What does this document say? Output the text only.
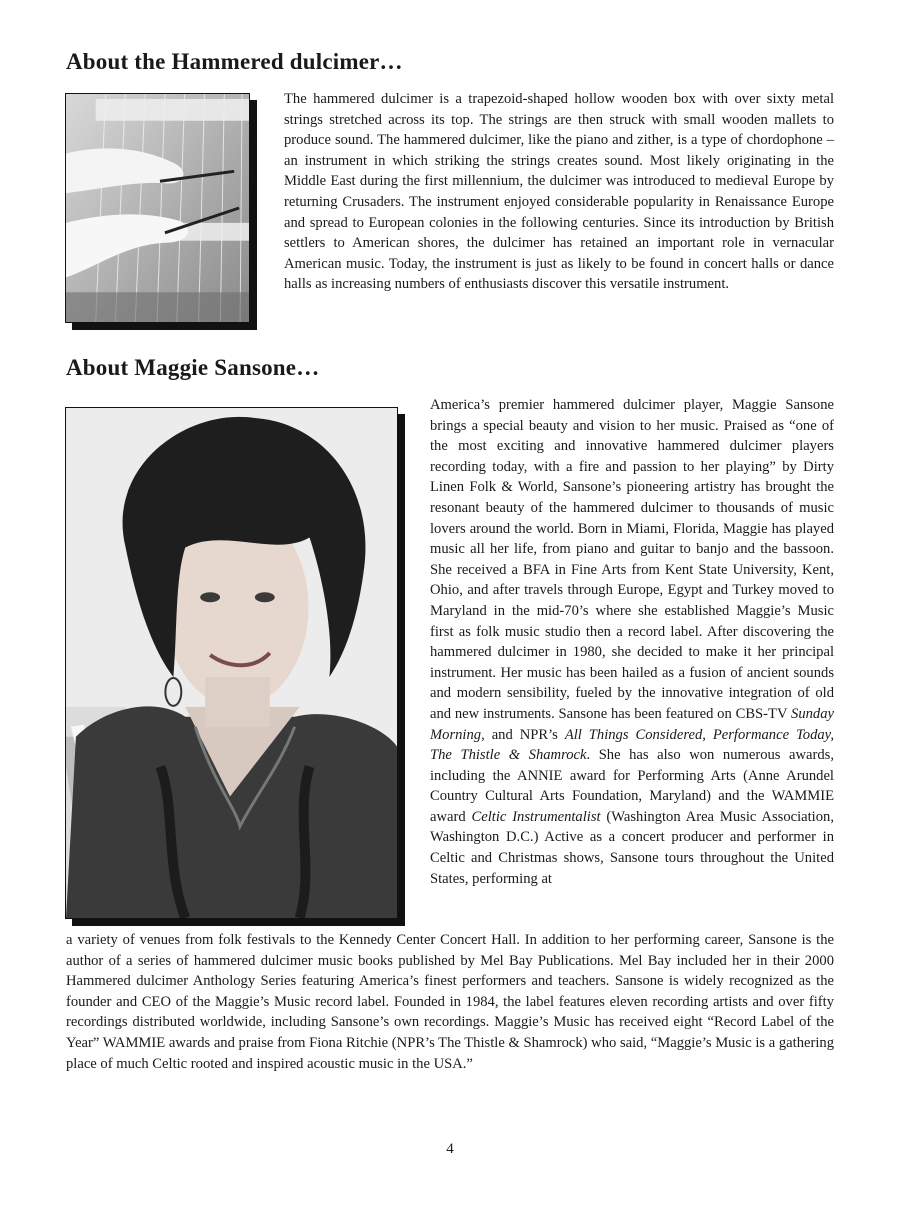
About the Hammered dulcimer…

The hammered dulcimer is a trapezoid-shaped hollow wooden box with over sixty metal strings stretched across its top. The strings are then struck with small wooden mallets to produce sound. The hammered dulcimer, like the piano and zither, is a type of chordophone – an instrument in which striking the strings creates sound. Most likely originating in the Middle East during the first millennium, the dulcimer was introduced to medieval Europe by returning Crusaders. The instrument enjoyed considerable popularity in Renaissance Europe and spread to European colonies in the following centuries. Since its introduction by British settlers to American shores, the dulcimer has retained an important role in vernacular American music. Today, the instrument is just as likely to be found in concert halls or dance halls as increasing numbers of enthusiasts discover this versatile instrument.

About Maggie Sansone…

America’s premier hammered dulcimer player, Maggie Sansone brings a special beauty and vision to her music. Praised as “one of the most exciting and innovative hammered dulcimer players recording today, with a fire and passion to her playing” by Dirty Linen Folk & World, Sansone’s pioneering artistry has brought the resonant beauty of the hammered dulcimer to thousands of music lovers around the world. Born in Miami, Florida, Maggie has played music all her life, from piano and guitar to banjo and the bassoon. She received a BFA in Fine Arts from Kent State University, Kent, Ohio, and after travels through Europe, Egypt and Turkey moved to Maryland in the mid-70’s where she established Maggie’s Music first as folk music studio then a record label. After discovering the hammered dulcimer in 1980, she decided to make it her principal instrument. Her music has been hailed as a fusion of ancient sounds and modern sensibility, fueled by the innovative integration of old and new instruments. Sansone has been featured on CBS-TV Sunday Morning, and NPR’s All Things Considered, Performance Today, The Thistle & Shamrock. She has also won numerous awards, including the ANNIE award for Performing Arts (Anne Arundel Country Cultural Arts Foundation, Maryland) and the WAMMIE award Celtic Instrumentalist (Washington Area Music Association, Washington D.C.) Active as a concert producer and performer in Celtic and Christmas shows, Sansone tours throughout the United States, performing at

a variety of venues from folk festivals to the Kennedy Center Concert Hall. In addition to her performing career, Sansone is the author of a series of hammered dulcimer music books published by Mel Bay Publications. Mel Bay included her in their 2000 Hammered dulcimer Anthology Series featuring America’s finest performers and teachers. Sansone is widely recognized as the founder and CEO of the Maggie’s Music record label. Founded in 1984, the label features eleven recording artists and over fifty recordings distributed worldwide, including Sansone’s own recordings. Maggie’s Music has received eight “Record Label of the Year” WAMMIE awards and praise from Fiona Ritchie (NPR’s The Thistle & Shamrock) who said, “Maggie’s Music is a gathering place of much Celtic rooted and inspired acoustic music in the USA.”

4
